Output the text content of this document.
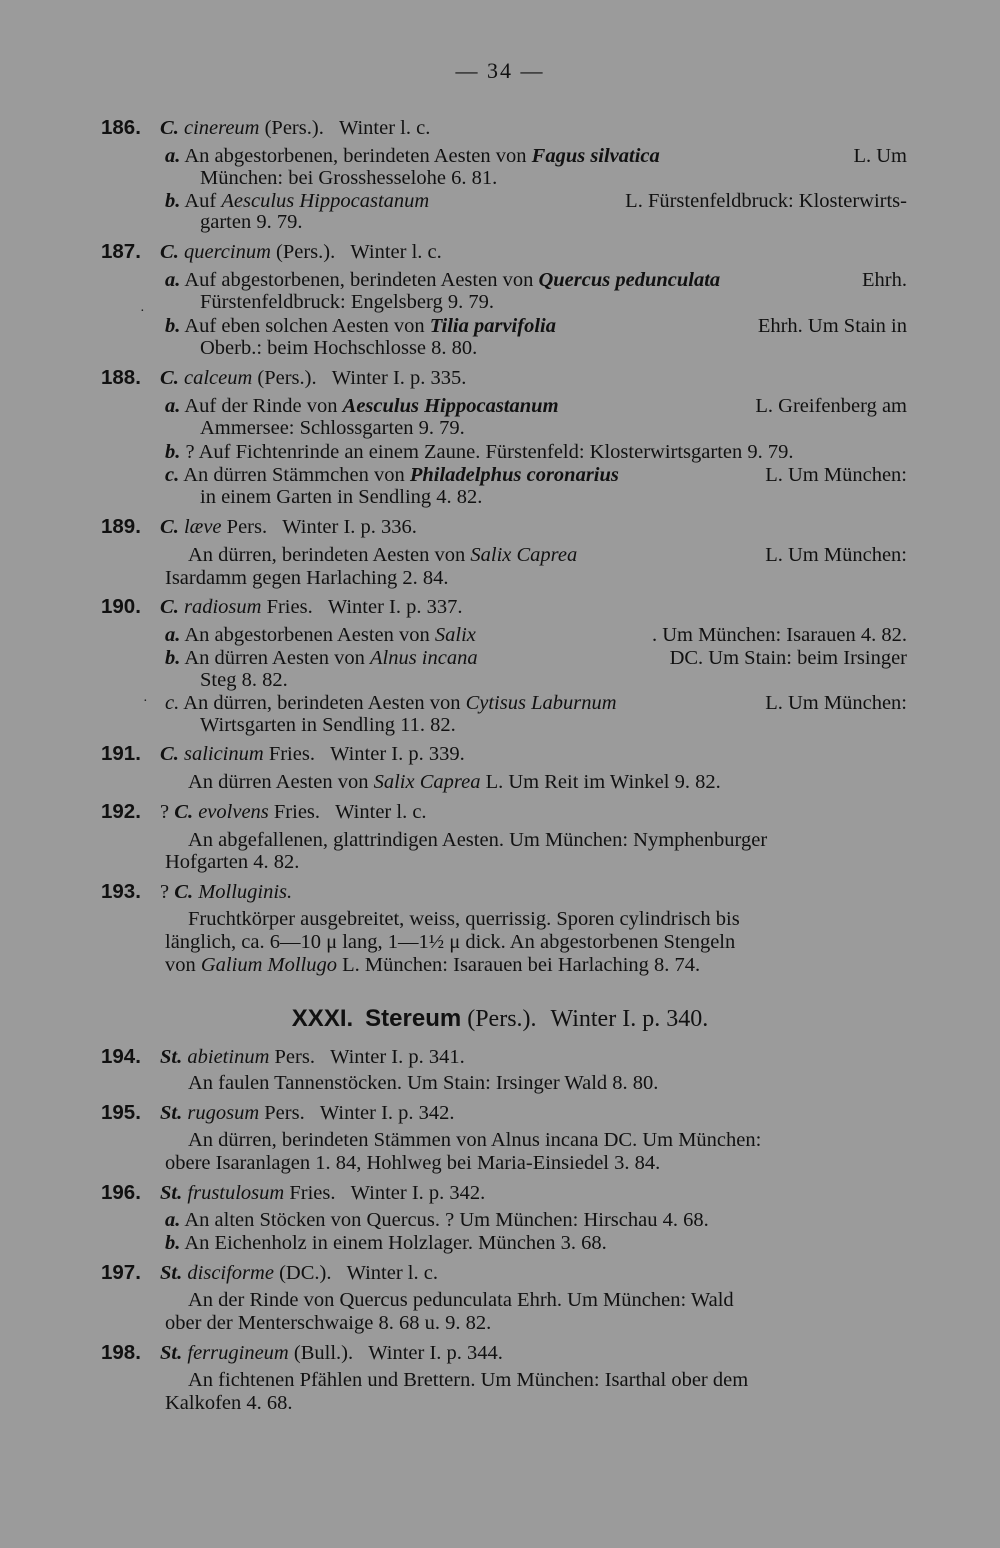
— 34 —
186. C. cinereum (Pers.). Winter l. c.
a. An abgestorbenen, berindeten Aesten von Fagus silvatica	L. Um
München: bei Grosshesselohe 6. 81.
b. Auf Aesculus Hippocastanum	L. Fürstenfeldbruck: Klosterwirts-
garten 9. 79.
187. C. quercinum (Pers.). Winter l. c.
a. Auf abgestorbenen, berindeten Aesten von Quercus pedunculata	Ehrh.
Fürstenfeldbruck: Engelsberg 9. 79.
·
b. Auf eben solchen Aesten von Tilia parvifolia	Ehrh. Um Stain in
Oberb.: beim Hochschlosse 8. 80.
188. C. calceum (Pers.). Winter I. p. 335.
a. Auf der Rinde von Aesculus Hippocastanum	L. Greifenberg am
Ammersee: Schlossgarten 9. 79.
b. ? Auf Fichtenrinde an einem Zaune. Fürstenfeld: Klosterwirtsgarten 9. 79.
c. An dürren Stämmchen von Philadelphus coronarius	L. Um München:
in einem Garten in Sendling 4. 82.
189. C. læve Pers. Winter I. p. 336.
An dürren, berindeten Aesten von Salix Caprea	L. Um München:
Isardamm gegen Harlaching 2. 84.
190. C. radiosum Fries. Winter I. p. 337.
a. An abgestorbenen Aesten von Salix	. Um München: Isarauen 4. 82.
b. An dürren Aesten von Alnus incana	DC. Um Stain: beim Irsinger
Steg 8. 82.
· c. An dürren, berindeten Aesten von Cytisus Laburnum	L. Um München:
Wirtsgarten in Sendling 11. 82.
191. C. salicinum Fries. Winter I. p. 339.
An dürren Aesten von Salix Caprea L. Um Reit im Winkel 9. 82.
192. ? C. evolvens Fries. Winter l. c.
An abgefallenen, glattrindigen Aesten. Um München: Nymphenburger
Hofgarten 4. 82.
193. ? C. Molluginis.
Fruchtkörper ausgebreitet, weiss, querrissig. Sporen cylindrisch bis
länglich, ca. 6—10 μ lang, 1—1½ μ dick. An abgestorbenen Stengeln
von Galium Mollugo L. München: Isarauen bei Harlaching 8. 74.
XXXI. Stereum (Pers.). Winter I. p. 340.
194. St. abietinum Pers. Winter I. p. 341.
An faulen Tannenstöcken. Um Stain: Irsinger Wald 8. 80.
195. St. rugosum Pers. Winter I. p. 342.
An dürren, berindeten Stämmen von Alnus incana DC. Um München:
obere Isaranlagen 1. 84, Hohlweg bei Maria-Einsiedel 3. 84.
196. St. frustulosum Fries. Winter I. p. 342.
a. An alten Stöcken von Quercus. ? Um München: Hirschau 4. 68.
b. An Eichenholz in einem Holzlager. München 3. 68.
197. St. disciforme (DC.). Winter l. c.
An der Rinde von Quercus pedunculata Ehrh. Um München: Wald
ober der Menterschwaige 8. 68 u. 9. 82.
198. St. ferrugineum (Bull.). Winter I. p. 344.
An fichtenen Pfählen und Brettern. Um München: Isarthal ober dem
Kalkofen 4. 68.
